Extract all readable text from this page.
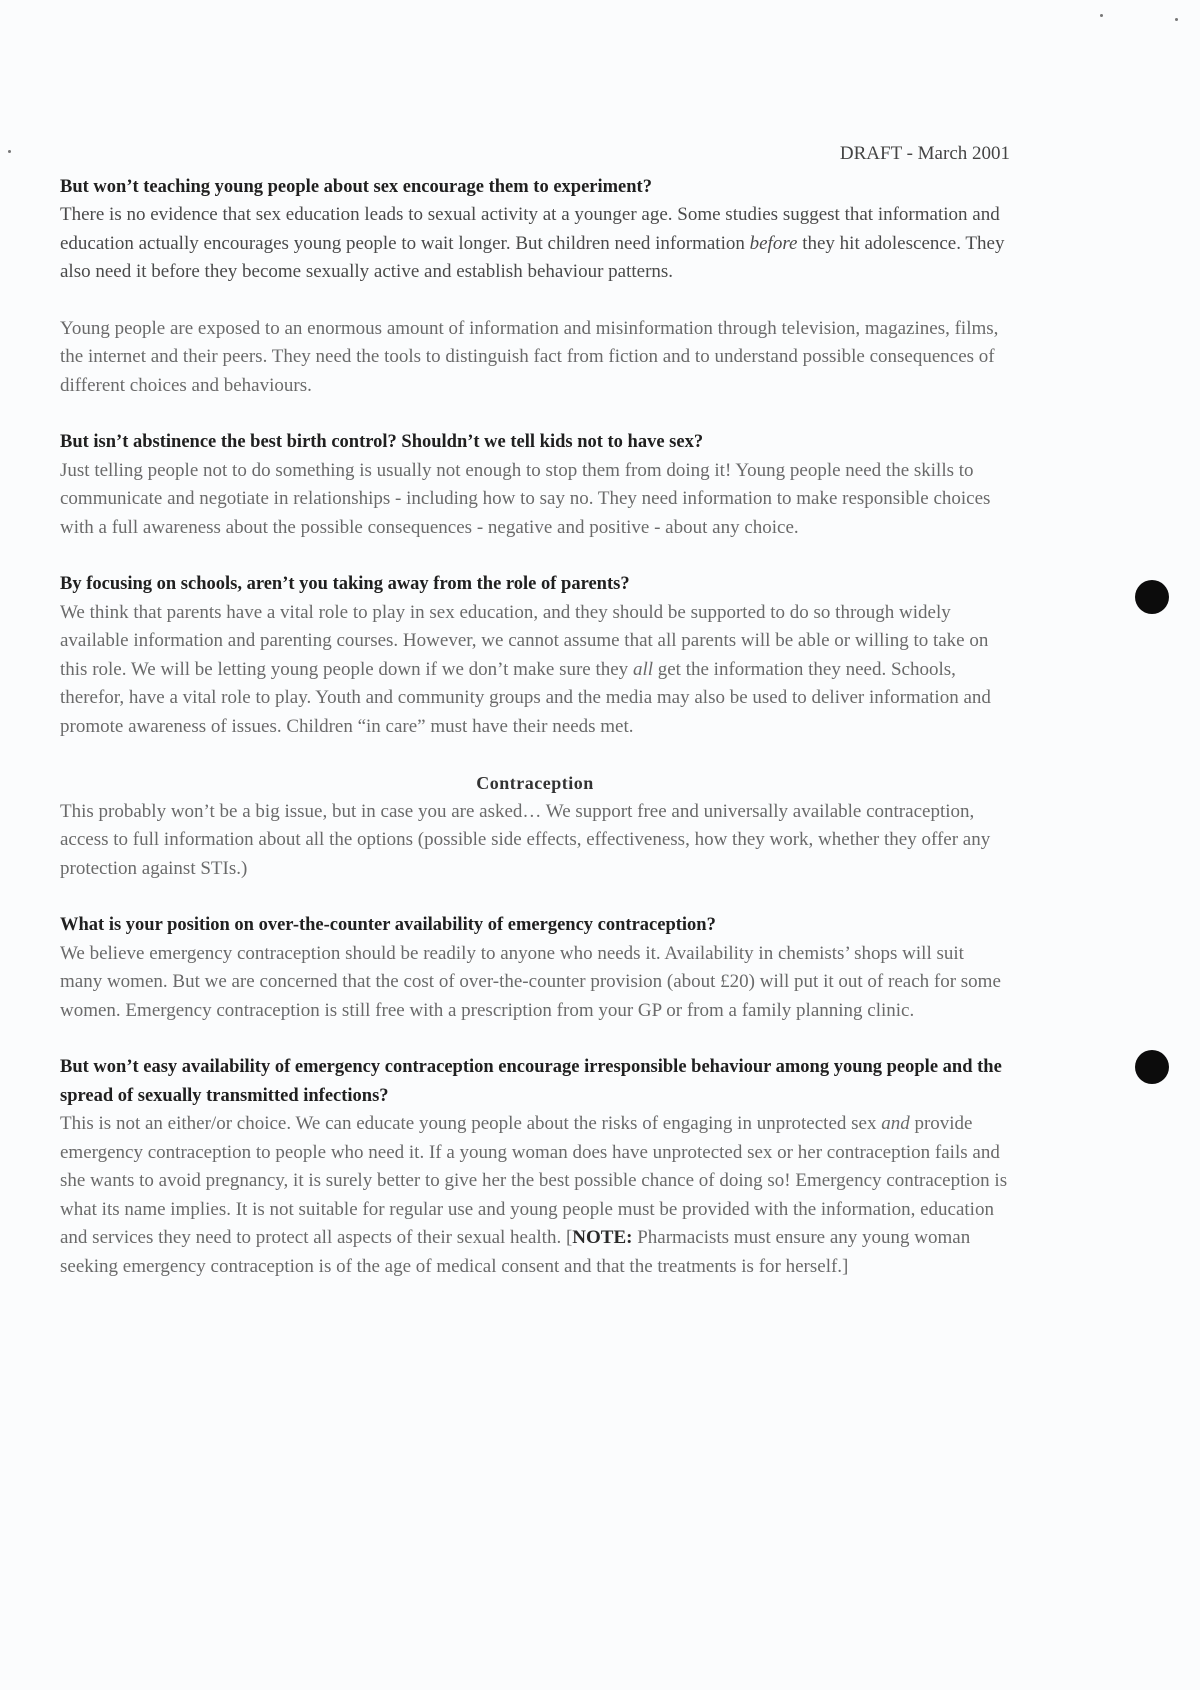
DRAFT - March 2001

But won’t teaching young people about sex encourage them to experiment?

There is no evidence that sex education leads to sexual activity at a younger age. Some studies suggest that information and education actually encourages young people to wait longer. But children need information before they hit adolescence. They also need it before they become sexually active and establish behaviour patterns.

Young people are exposed to an enormous amount of information and misinformation through television, magazines, films, the internet and their peers. They need the tools to distinguish fact from fiction and to understand possible consequences of different choices and behaviours.

But isn’t abstinence the best birth control? Shouldn’t we tell kids not to have sex?

Just telling people not to do something is usually not enough to stop them from doing it! Young people need the skills to communicate and negotiate in relationships - including how to say no. They need information to make responsible choices with a full awareness about the possible consequences - negative and positive - about any choice.

By focusing on schools, aren’t you taking away from the role of parents?

We think that parents have a vital role to play in sex education, and they should be supported to do so through widely available information and parenting courses. However, we cannot assume that all parents will be able or willing to take on this role. We will be letting young people down if we don’t make sure they all get the information they need. Schools, therefor, have a vital role to play. Youth and community groups and the media may also be used to deliver information and promote awareness of issues. Children “in care” must have their needs met.

Contraception

This probably won’t be a big issue, but in case you are asked… We support free and universally available contraception, access to full information about all the options (possible side effects, effectiveness, how they work, whether they offer any protection against STIs.)

What is your position on over-the-counter availability of emergency contraception?

We believe emergency contraception should be readily to anyone who needs it. Availability in chemists’ shops will suit many women. But we are concerned that the cost of over-the-counter provision (about £20) will put it out of reach for some women. Emergency contraception is still free with a prescription from your GP or from a family planning clinic.

But won’t easy availability of emergency contraception encourage irresponsible behaviour among young people and the spread of sexually transmitted infections?

This is not an either/or choice. We can educate young people about the risks of engaging in unprotected sex and provide emergency contraception to people who need it. If a young woman does have unprotected sex or her contraception fails and she wants to avoid pregnancy, it is surely better to give her the best possible chance of doing so! Emergency contraception is what its name implies. It is not suitable for regular use and young people must be provided with the information, education and services they need to protect all aspects of their sexual health. [NOTE: Pharmacists must ensure any young woman seeking emergency contraception is of the age of medical consent and that the treatments is for herself.]
